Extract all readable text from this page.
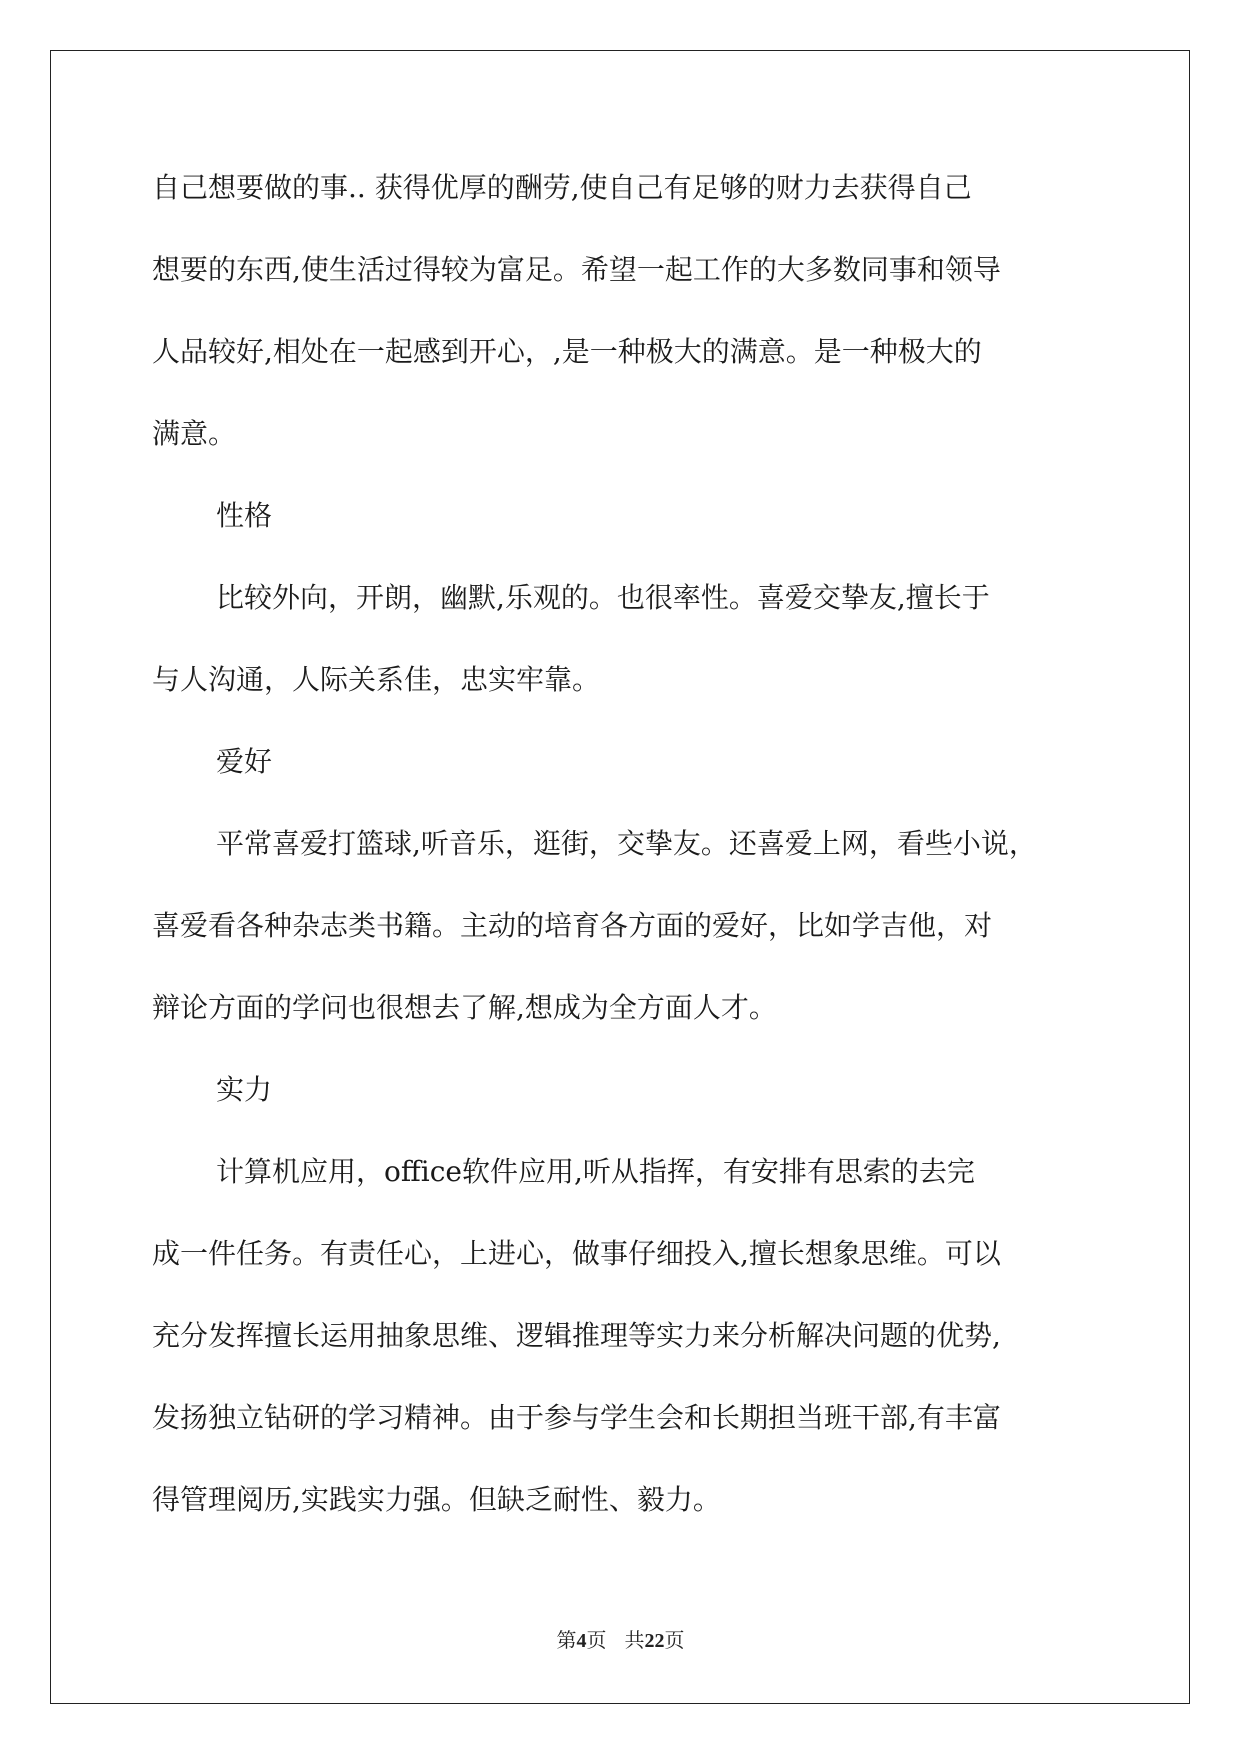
自己想要做的事.. 获得优厚的酬劳,使自己有足够的财力去获得自己
想要的东西,使生活过得较为富足。希望一起工作的大多数同事和领导
人品较好,相处在一起感到开心，,是一种极大的满意。是一种极大的
满意。
性格
比较外向，开朗，幽默,乐观的。也很率性。喜爱交挚友,擅长于
与人沟通，人际关系佳，忠实牢靠。
爱好
平常喜爱打篮球,听音乐，逛街，交挚友。还喜爱上网，看些小说，
喜爱看各种杂志类书籍。主动的培育各方面的爱好，比如学吉他，对
辩论方面的学问也很想去了解,想成为全方面人才。
实力
计算机应用，office软件应用,听从指挥，有安排有思索的去完
成一件任务。有责任心，上进心，做事仔细投入,擅长想象思维。可以
充分发挥擅长运用抽象思维、逻辑推理等实力来分析解决问题的优势,
发扬独立钻研的学习精神。由于参与学生会和长期担当班干部,有丰富
得管理阅历,实践实力强。但缺乏耐性、毅力。
第4页 共22页
